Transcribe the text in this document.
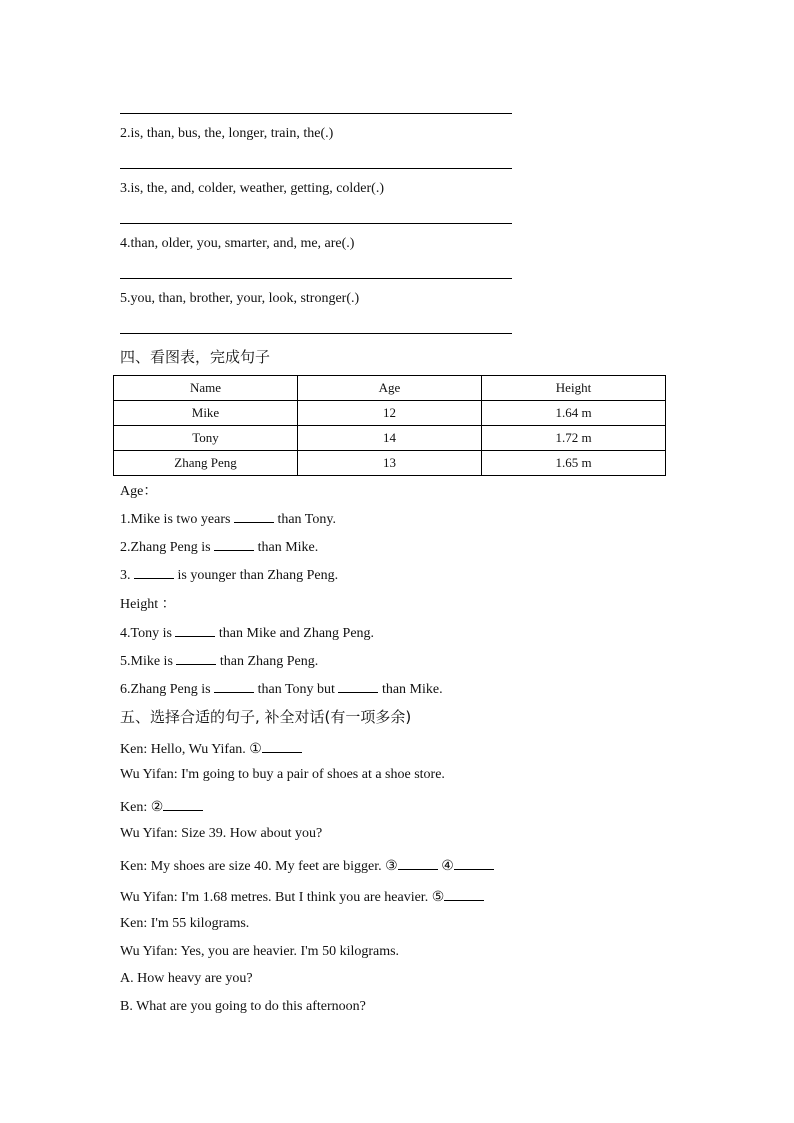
2.is, than, bus, the, longer, train, the(.)
3.is, the, and, colder, weather, getting, colder(.)
4.than, older, you, smarter, and, me, are(.)
5.you, than, brother, your, look, stronger(.)
四、看图表，完成句子
Name	Age	Height
Mike	12	1.64 m
Tony	14	1.72 m
Zhang Peng	13	1.65 m
Age：
1.Mike is two years	than Tony.
2.Zhang Peng is	than Mike.
3.	is younger than Zhang Peng.
Height ：
4.Tony is	than Mike and Zhang Peng.
5.Mike is	than Zhang Peng.
6.Zhang Peng is	than Tony but	than Mike.
五、选择合适的句子, 补全对话(有一项多余)
Ken: Hello, Wu Yifan. ①
Wu Yifan: I'm going to buy a pair of shoes at a shoe store.
Ken: ②
Wu Yifan: Size 39. How about you?
Ken: My shoes are size 40. My feet are bigger. ③	④
Wu Yifan: I'm 1.68 metres. But I think you are heavier. ⑤
Ken: I'm 55 kilograms.
Wu Yifan: Yes, you are heavier. I'm 50 kilograms.
A. How heavy are you?
B. What are you going to do this afternoon?
